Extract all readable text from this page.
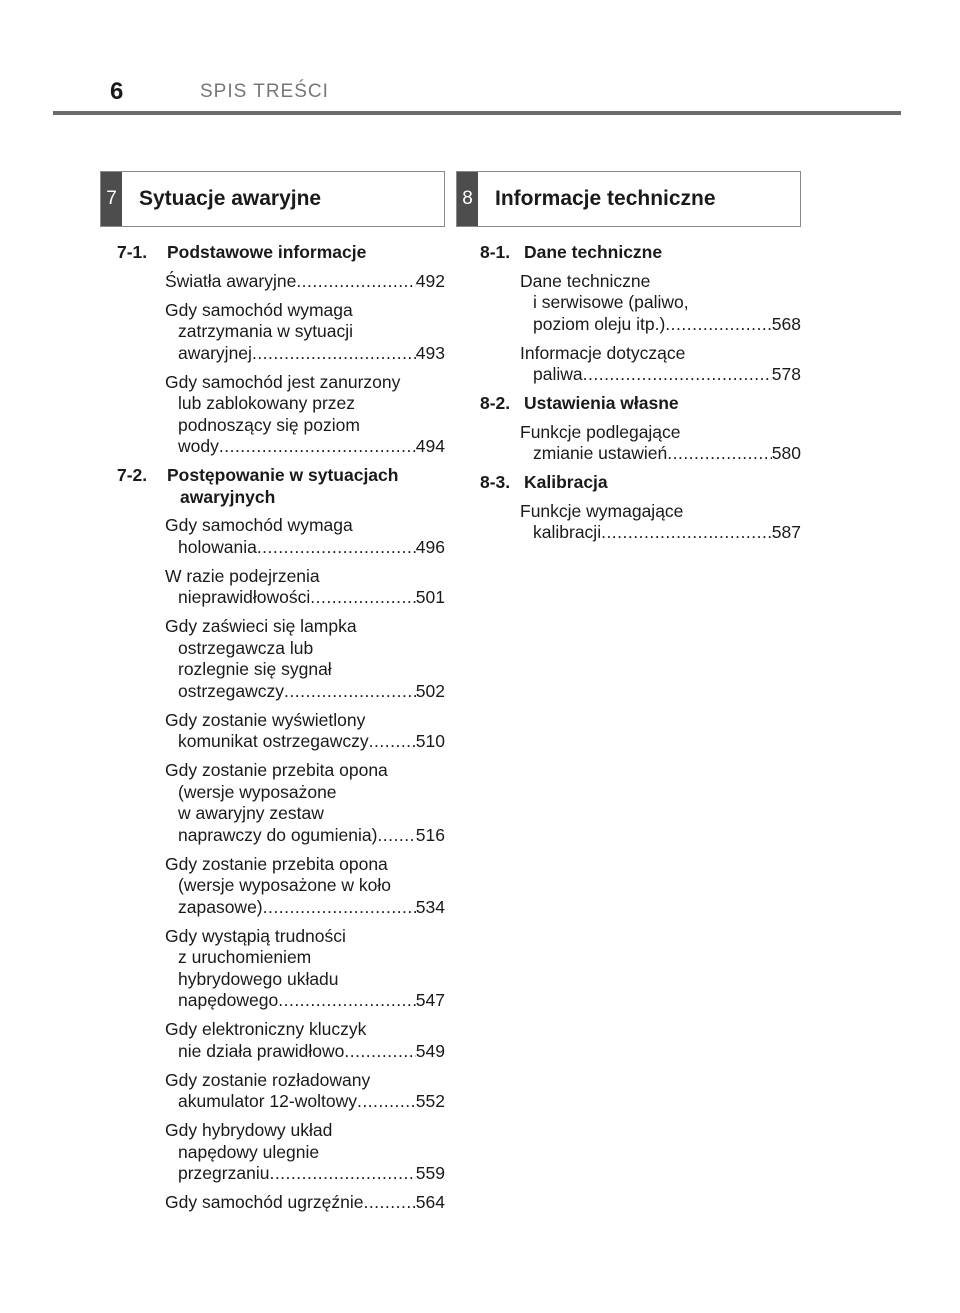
6	SPIS TREŚCI
7 Sytuacje awaryjne
7-1.	Podstawowe informacje
Światła awaryjne .....	492
Gdy samochód wymaga
zatrzymania w sytuacji
awaryjnej .....	493
Gdy samochód jest zanurzony
lub zablokowany przez
podnoszący się poziom
wody .....	494
7-2.	Postępowanie w sytuacjach
awaryjnych
Gdy samochód wymaga
holowania .....	496
W razie podejrzenia
nieprawidłowości .....	501
Gdy zaświeci się lampka
ostrzegawcza lub
rozlegnie się sygnał
ostrzegawczy .....	502
Gdy zostanie wyświetlony
komunikat ostrzegawczy .....	510
Gdy zostanie przebita opona
(wersje wyposażone
w awaryjny zestaw
naprawczy do ogumienia) ..... 516
Gdy zostanie przebita opona
(wersje wyposażone w koło
zapasowe) .....	534
Gdy wystąpią trudności
z uruchomieniem
hybrydowego układu
napędowego .....	547
Gdy elektroniczny kluczyk
nie działa prawidłowo .....	549
Gdy zostanie rozładowany
akumulator 12-woltowy .....	552
Gdy hybrydowy układ
napędowy ulegnie
przegrzaniu .....	559
Gdy samochód ugrzęźnie .....	564
8 Informacje techniczne
8-1. Dane techniczne
Dane techniczne
i serwisowe (paliwo,
poziom oleju itp.) .....	568
Informacje dotyczące
paliwa .....	578
8-2. Ustawienia własne
Funkcje podlegające
zmianie ustawień .....	580
8-3. Kalibracja
Funkcje wymagające
kalibracji .....	587
